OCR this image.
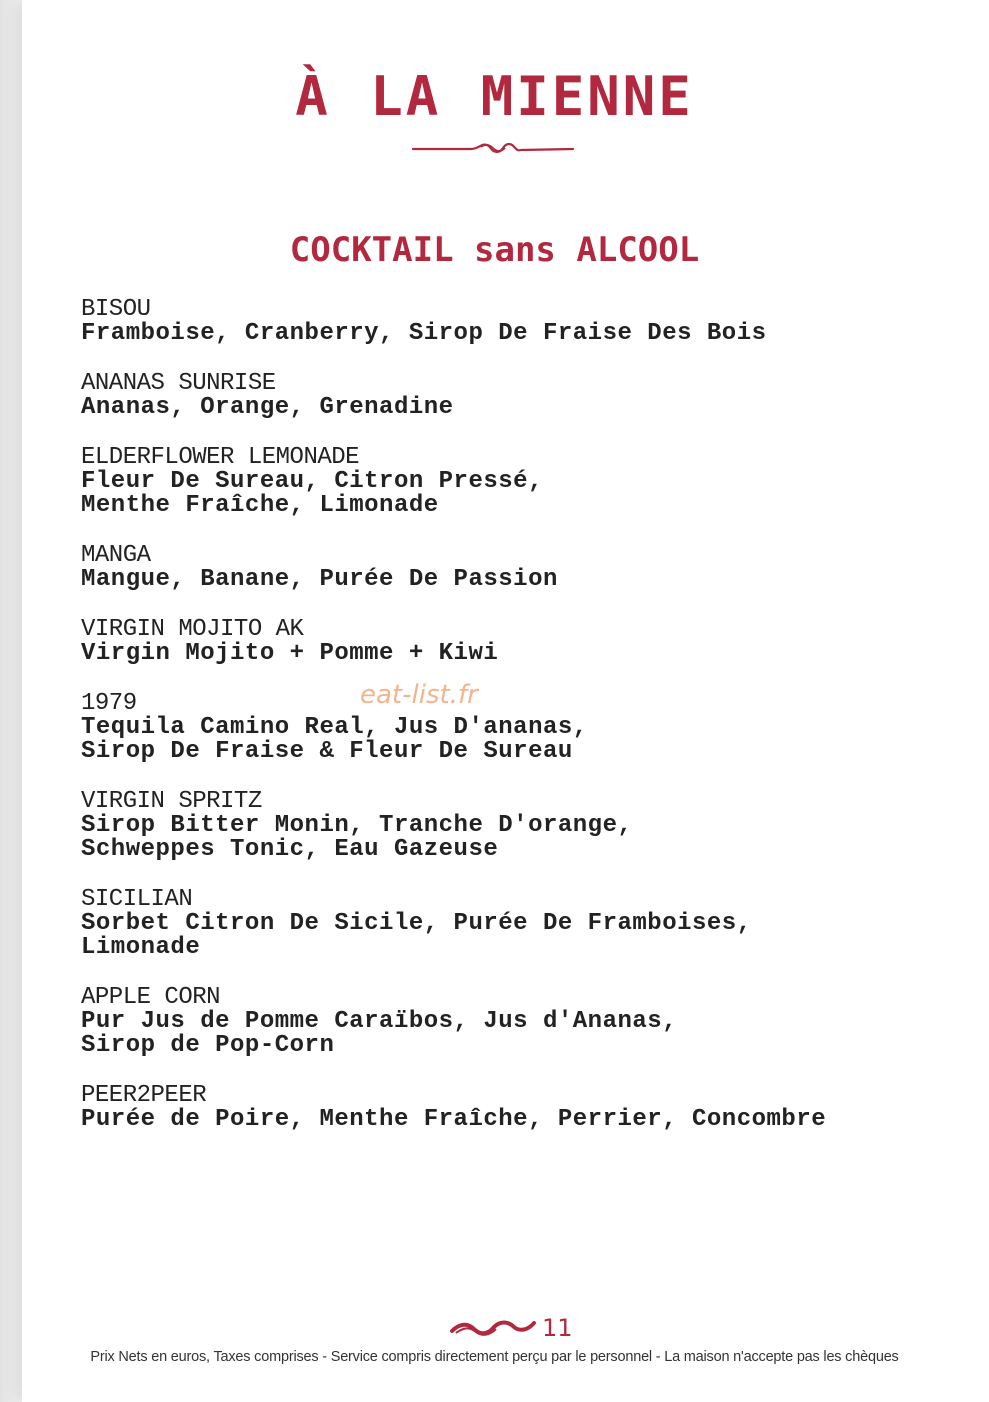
À LA MIENNE
COCKTAIL sans ALCOOL
BISOU
Framboise, Cranberry, Sirop De Fraise Des Bois
ANANAS SUNRISE
Ananas, Orange, Grenadine
ELDERFLOWER LEMONADE
Fleur De Sureau, Citron Pressé,
Menthe Fraîche, Limonade
MANGA
Mangue, Banane, Purée De Passion
VIRGIN MOJITO AK
Virgin Mojito + Pomme + Kiwi
1979
Tequila Camino Real, Jus D'ananas,
Sirop De Fraise & Fleur De Sureau
VIRGIN SPRITZ
Sirop Bitter Monin, Tranche D'orange,
Schweppes Tonic, Eau Gazeuse
SICILIAN
Sorbet Citron De Sicile, Purée De Framboises,
Limonade
APPLE CORN
Pur Jus de Pomme Caraïbos, Jus d'Ananas,
Sirop de Pop-Corn
PEER2PEER
Purée de Poire, Menthe Fraîche, Perrier, Concombre
eat-list.fr
11
Prix Nets en euros, Taxes comprises - Service compris directement perçu par le personnel - La maison n'accepte pas les chèques
